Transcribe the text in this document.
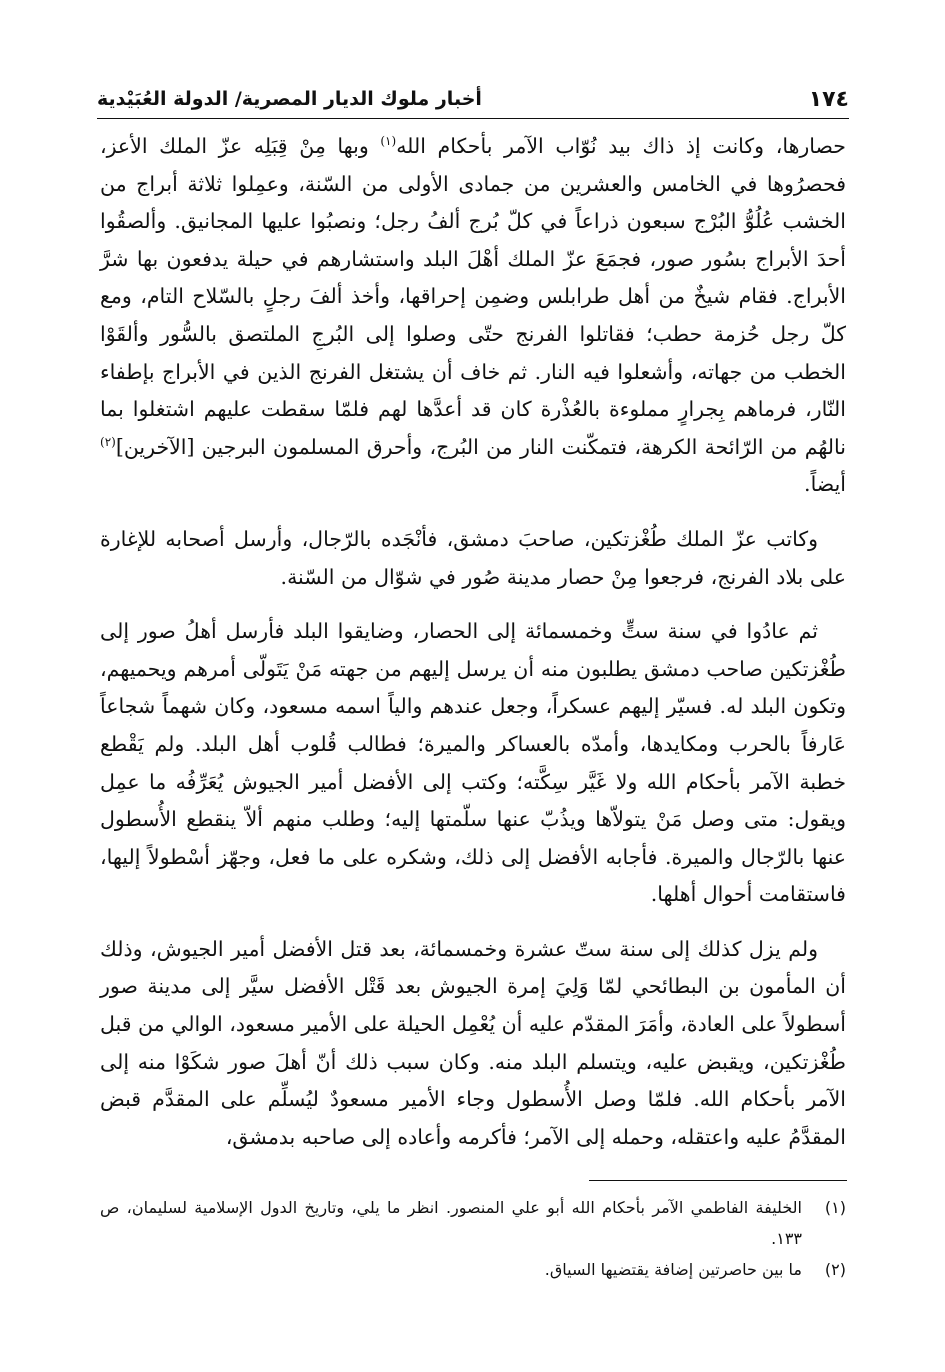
١٧٤
أخبار ملوك الديار المصرية/ الدولة العُبَيْدية

حصارها، وكانت إذ ذاك بيد نُوّاب الآمر بأحكام الله$^{(١)}$ وبها مِنْ قِبَلِه عزّ الملك الأعز، فحصرُوها في الخامس والعشرين من جمادى الأولى من السّنة، وعمِلوا ثلاثة أبراج من الخشب عُلُوُّ البُرْج سبعون ذراعاً في كلّ بُرج ألفُ رجل؛ ونصبُوا عليها المجانيق. وألصقُوا أحدَ الأبراج بسُور صور، فجمَعَ عزّ الملك أهْلَ البلد واستشارهم في حيلة يدفعون بها شرَّ الأبراج. فقام شيخٌ من أهل طرابلس وضمِن إحراقها، وأخذ ألفَ رجلٍ بالسّلاح التام، ومع كلّ رجل حُزمة حطب؛ فقاتلوا الفرنج حتّى وصلوا إلى البُرجِ الملتصق بالسُّور وألقَوْا الخطب من جهاته، وأشعلوا فيه النار. ثم خاف أن يشتغل الفرنج الذين في الأبراج بإطفاء النّار، فرماهم بِجرارٍ مملوءة بالعُذْرة كان قد أعدَّها لهم فلمّا سقطت عليهم اشتغلوا بما نالهُم من الرّائحة الكرهة، فتمكّنت النار من البُرج، وأحرق المسلمون البرجين [الآخرين]$^{(٢)}$ أيضاً.

وكاتب عزّ الملك طُغْزتكين، صاحبَ دمشق، فأنْجَده بالرّجال، وأرسل أصحابه للإغارة على بلاد الفرنج، فرجعوا مِنْ حصار مدينة صُور في شوّال من السّنة.

ثم عادُوا في سنة ستٍّ وخمسمائة إلى الحصار، وضايقوا البلد فأرسل أهلُ صور إلى طُغْزتكين صاحب دمشق يطلبون منه أن يرسل إليهم من جهته مَنْ يَتَولّى أمرهم ويحميهم، وتكون البلد له. فسيّر إليهم عسكراً، وجعل عندهم والياً اسمه مسعود، وكان شهماً شجاعاً عَارفاً بالحرب ومكايدها، وأمدّه بالعساكر والميرة؛ فطالب قُلوب أهل البلد. ولم يَقْطع خطبة الآمر بأحكام الله ولا غَيَّر سِكَّته؛ وكتب إلى الأفضل أمير الجيوش يُعَرِّفُه ما عمِل ويقول: متى وصل مَنْ يتولاّها ويذُبّ عنها سلّمتها إليه؛ وطلب منهم ألاّ ينقطع الأُسطول عنها بالرّجال والميرة. فأجابه الأفضل إلى ذلك، وشكره على ما فعل، وجهّز أسْطولاً إليها، فاستقامت أحوال أهلها.

ولم يزل كذلك إلى سنة ستّ عشرة وخمسمائة، بعد قتل الأفضل أمير الجيوش، وذلك أن المأمون بن البطائحي لمّا وَلِيَ إمرة الجيوش بعد قَتْل الأفضل سيَّر إلى مدينة صور أسطولاً على العادة، وأمَرَ المقدّم عليه أن يُعْمِل الحيلة على الأمير مسعود، الوالي من قبل طُغْزتكين، ويقبض عليه، ويتسلم البلد منه. وكان سبب ذلك أنّ أهلَ صور شكَوْا منه إلى الآمر بأحكام الله. فلمّا وصل الأُسطول وجاء الأمير مسعودٌ ليُسلِّم على المقدَّم قبض المقدَّمُ عليه واعتقله، وحمله إلى الآمر؛ فأكرمه وأعاده إلى صاحبه بدمشق،

(١)
الخليفة الفاطمي الآمر بأحكام الله أبو علي المنصور. انظر ما يلي، وتاريخ الدول الإسلامية لسليمان، ص ١٣٣.
(٢)
ما بين حاصرتين إضافة يقتضيها السياق.
